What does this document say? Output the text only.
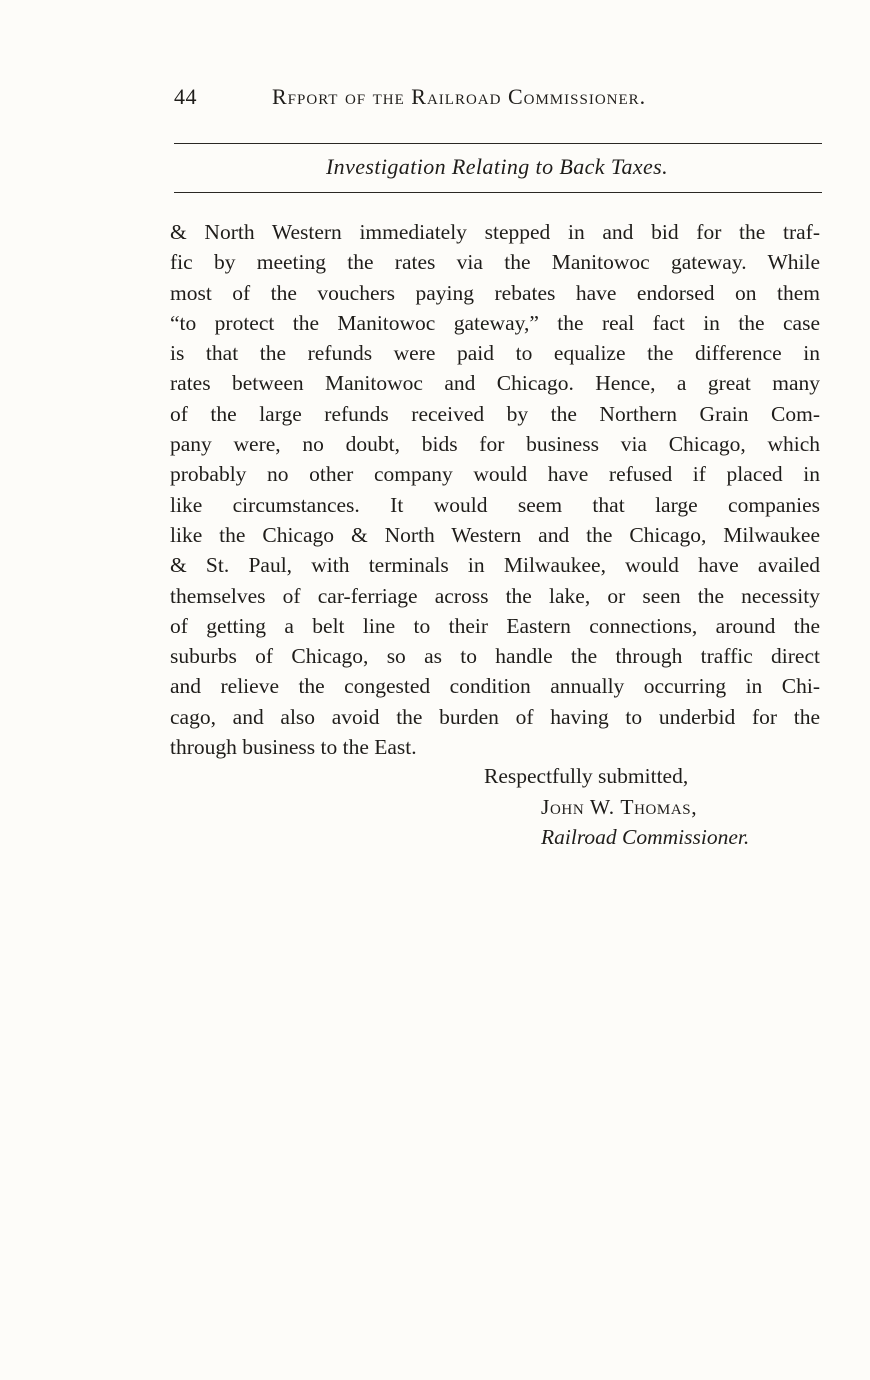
44	Rfport of the Railroad Commissioner.
Investigation Relating to Back Taxes.
& North Western immediately stepped in and bid for the traf-
fic by meeting the rates via the Manitowoc gateway. While
most of the vouchers paying rebates have endorsed on them
“to protect the Manitowoc gateway,” the real fact in the case
is that the refunds were paid to equalize the difference in
rates between Manitowoc and Chicago. Hence, a great many
of the large refunds received by the Northern Grain Com-
pany were, no doubt, bids for business via Chicago, which
probably no other company would have refused if placed in
like circumstances. It would seem that large companies
like the Chicago & North Western and the Chicago, Milwaukee
& St. Paul, with terminals in Milwaukee, would have availed
themselves of car-ferriage across the lake, or seen the necessity
of getting a belt line to their Eastern connections, around the
suburbs of Chicago, so as to handle the through traffic direct
and relieve the congested condition annually occurring in Chi-
cago, and also avoid the burden of having to underbid for the
through business to the East.
Respectfully submitted,
John W. Thomas,
Railroad Commissioner.
